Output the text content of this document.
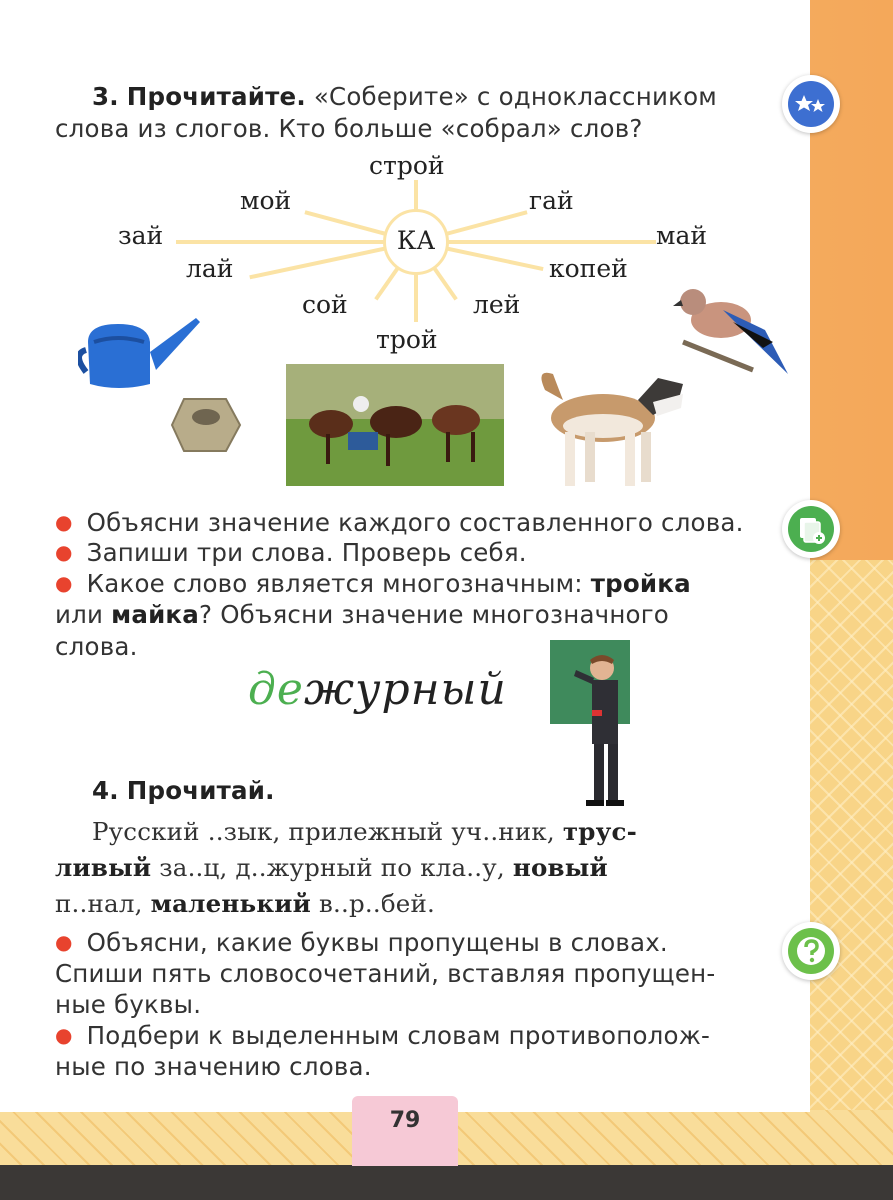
3. Прочитайте. «Соберите» с одноклассником
слова из слогов. Кто больше «собрал» слов?
КА
строй
мой	гай
зай	май
лай	копей
сой	лей
трой
● Объясни значение каждого составленного слова.
● Запиши три слова. Проверь себя.
● Какое слово является многозначным: тройка
или майка? Объясни значение многозначного
слова.
дежурный
4. Прочитай.
Русский ..зык, прилежный уч..ник, трус-
ливый за..ц, д..журный по кла..у, новый
п..нал, маленький в..р..бей.
● Объясни, какие буквы пропущены в словах.
Спиши пять словосочетаний, вставляя пропущен-
ные буквы.
● Подбери к выделенным словам противополож-
ные по значению слова.
79
